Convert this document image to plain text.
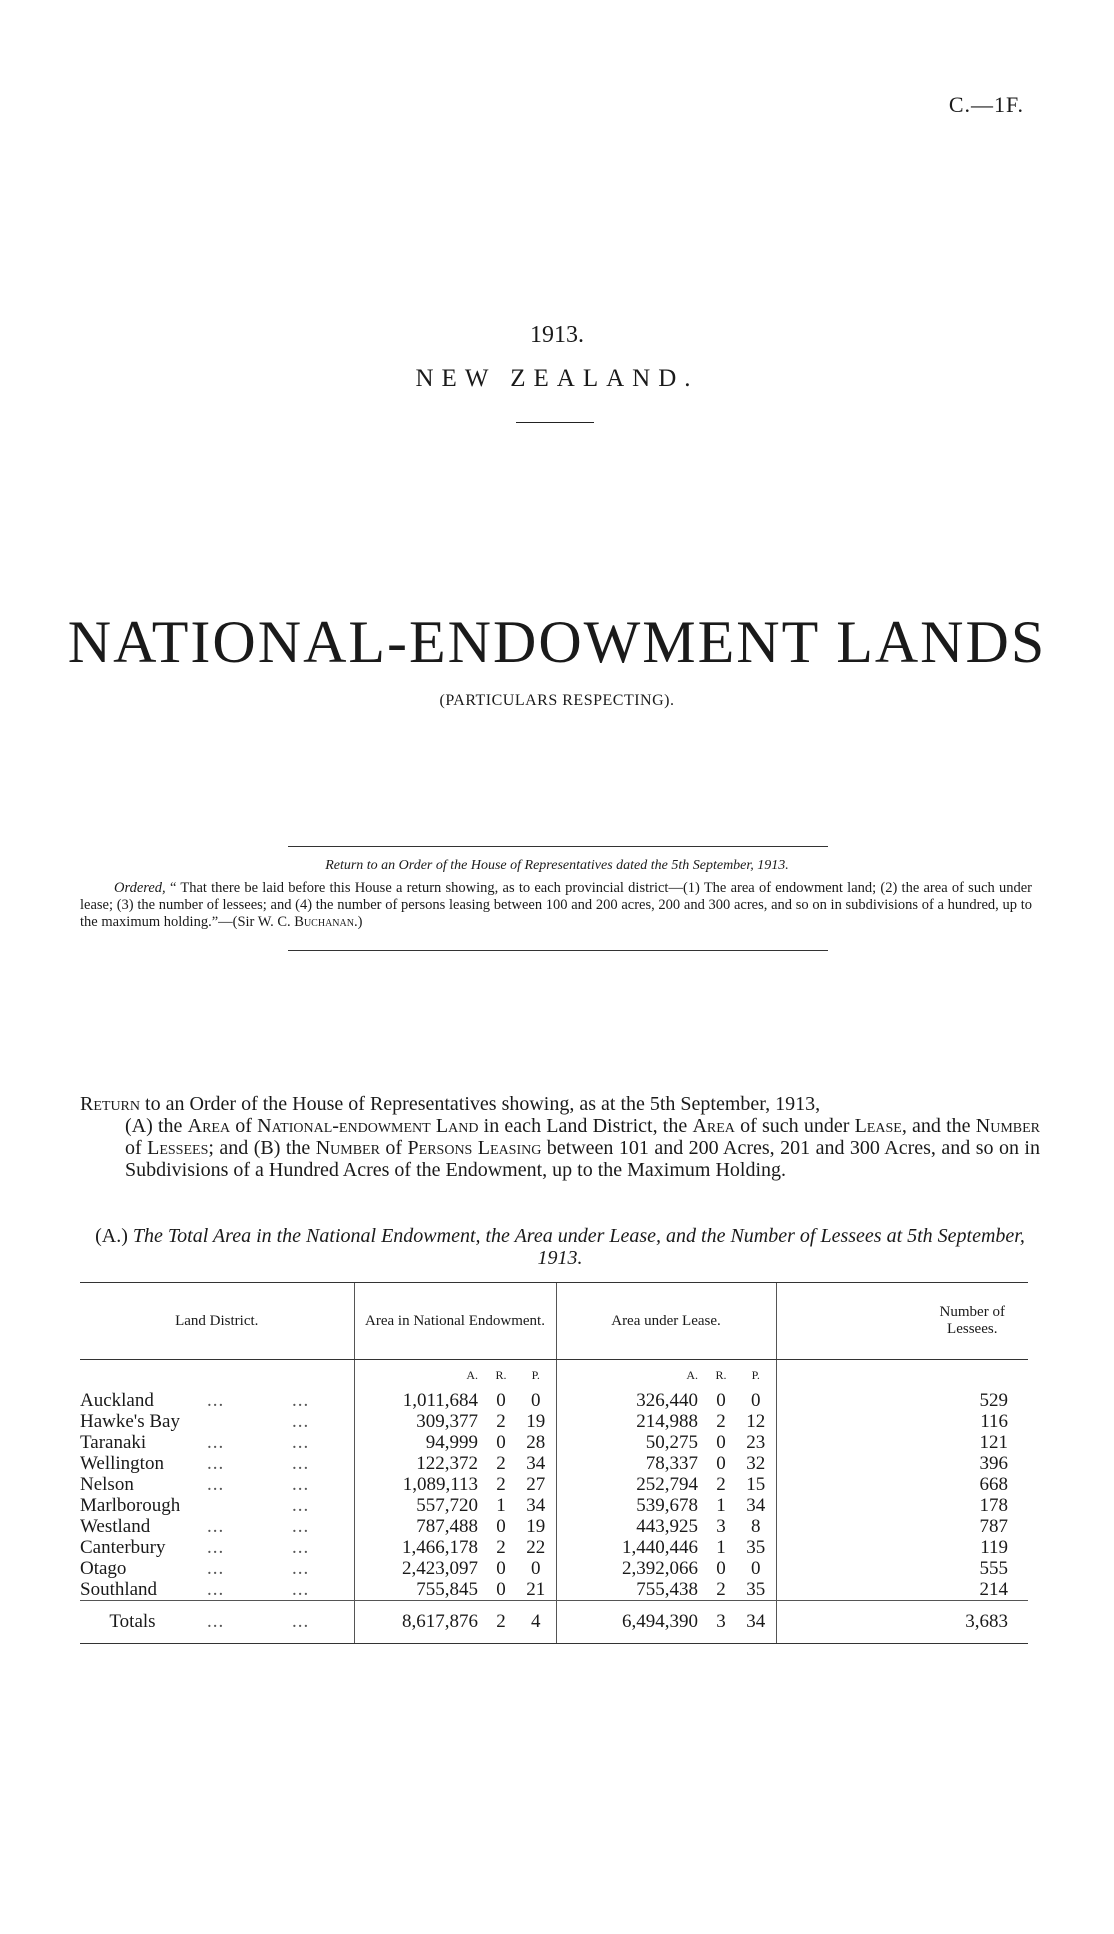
C.—1F.
1913.
NEW ZEALAND.
NATIONAL-ENDOWMENT LANDS
(PARTICULARS RESPECTING).
Return to an Order of the House of Representatives dated the 5th September, 1913.
Ordered, “ That there be laid before this House a return showing, as to each provincial district—(1) The area of endowment land; (2) the area of such under lease; (3) the number of lessees; and (4) the number of persons leasing between 100 and 200 acres, 200 and 300 acres, and so on in subdivisions of a hundred, up to the maximum holding.”—(Sir W. C. Buchanan.)
Return to an Order of the House of Representatives showing, as at the 5th September, 1913,
(A) the Area of National-endowment Land in each Land District, the Area of such under Lease, and the Number of Lessees; and (B) the Number of Persons Leasing between 101 and 200 Acres, 201 and 300 Acres, and so on in Subdivisions of a Hundred Acres of the Endowment, up to the Maximum Holding.
(A.) The Total Area in the National Endowment, the Area under Lease, and the Number of Lessees at 5th September, 1913.
Land District.			Area in National Endowment.			Area under Lease.			Number of Lessees.
			A.	R.	P.	A.	R.	P.	
Auckland	...	...	1,011,684	0	0	326,440	0	0	529
Hawke's Bay		...	309,377	2	19	214,988	2	12	116
Taranaki	...	...	94,999	0	28	50,275	0	23	121
Wellington	...	...	122,372	2	34	78,337	0	32	396
Nelson	...	...	1,089,113	2	27	252,794	2	15	668
Marlborough		...	557,720	1	34	539,678	1	34	178
Westland	...	...	787,488	0	19	443,925	3	8	787
Canterbury	...	...	1,466,178	2	22	1,440,446	1	35	119
Otago	...	...	2,423,097	0	0	2,392,066	0	0	555
Southland	...	...	755,845	0	21	755,438	2	35	214
Totals	...	...	8,617,876	2	4	6,494,390	3	34	3,683
